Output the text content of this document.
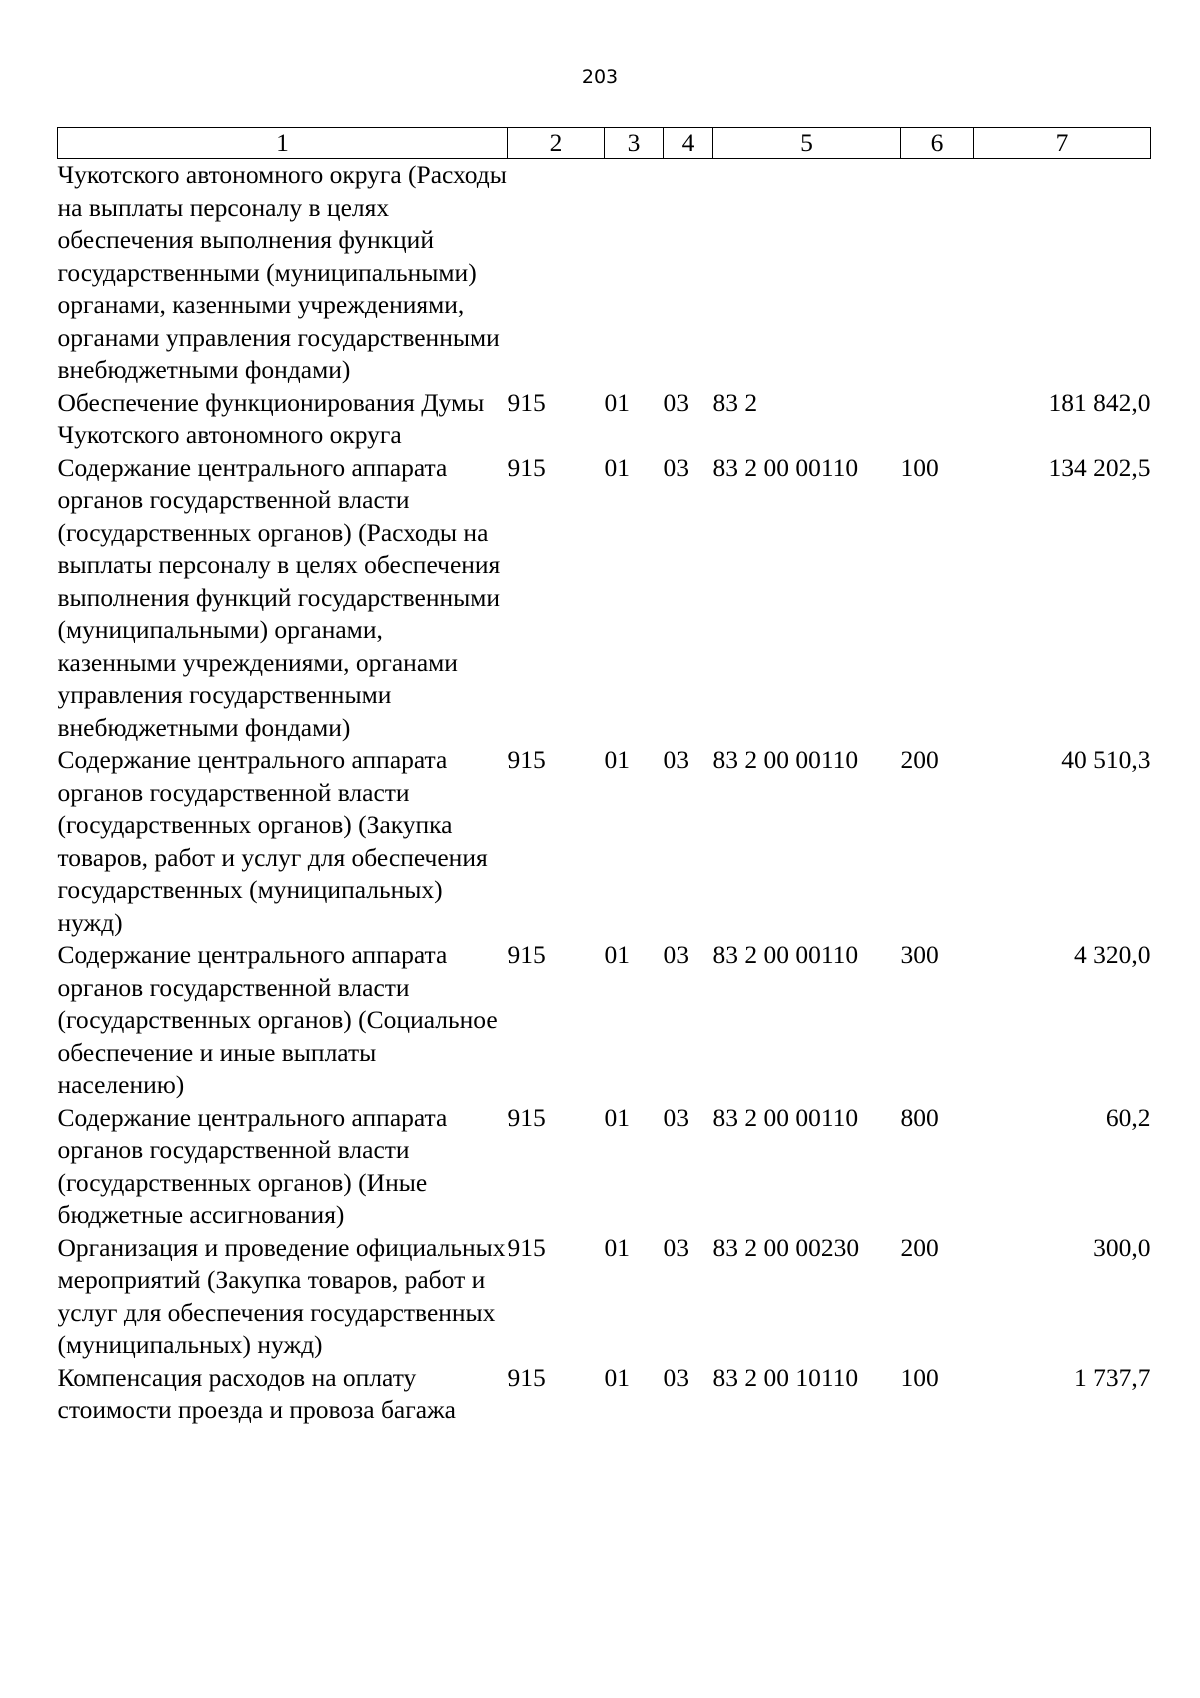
203
1	2	3	4	5	6	7
Чукотского автономного округа (Расходы на выплаты персоналу в целях обеспечения выполнения функций государственными (муниципальными) органами, казенными учреждениями, органами управления государственными внебюджетными фондами)						
Обеспечение функционирования Думы Чукотского автономного округа	915	01	03	83 2		181 842,0
Содержание центрального аппарата органов государственной власти (государственных органов) (Расходы на выплаты персоналу в целях обеспечения выполнения функций государственными (муниципальными) органами, казенными учреждениями, органами управления государственными внебюджетными фондами)	915	01	03	83 2 00 00110	100	134 202,5
Содержание центрального аппарата органов государственной власти (государственных органов) (Закупка товаров, работ и услуг для обеспечения государственных (муниципальных) нужд)	915	01	03	83 2 00 00110	200	40 510,3
Содержание центрального аппарата органов государственной власти (государственных органов) (Социальное обеспечение и иные выплаты населению)	915	01	03	83 2 00 00110	300	4 320,0
Содержание центрального аппарата органов государственной власти (государственных органов) (Иные бюджетные ассигнования)	915	01	03	83 2 00 00110	800	60,2
Организация и проведение официальных мероприятий (Закупка товаров, работ и услуг для обеспечения государственных (муниципальных) нужд)	915	01	03	83 2 00 00230	200	300,0
Компенсация расходов на оплату стоимости проезда и провоза багажа	915	01	03	83 2 00 10110	100	1 737,7
